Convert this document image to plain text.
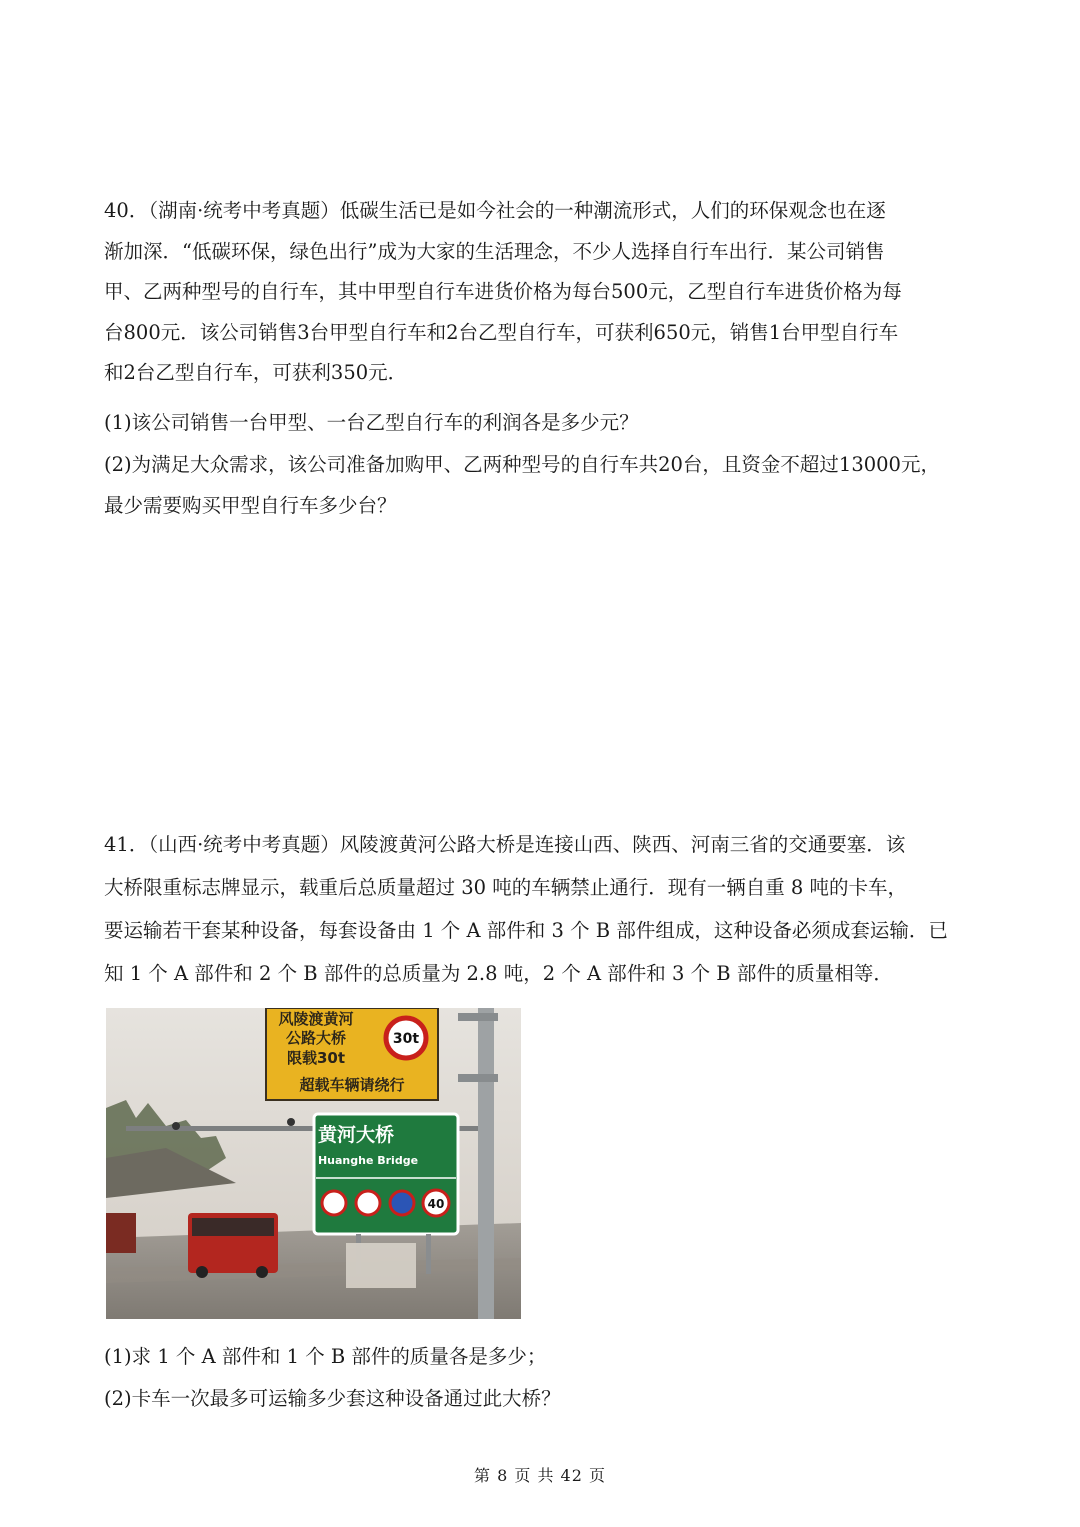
40．（湖南·统考中考真题）低碳生活已是如今社会的一种潮流形式，人们的环保观念也在逐
渐加深．“低碳环保，绿色出行”成为大家的生活理念，不少人选择自行车出行．某公司销售
甲、乙两种型号的自行车，其中甲型自行车进货价格为每台500元，乙型自行车进货价格为每
台800元．该公司销售3台甲型自行车和2台乙型自行车，可获利650元，销售1台甲型自行车
和2台乙型自行车，可获利350元．
(1)该公司销售一台甲型、一台乙型自行车的利润各是多少元？
(2)为满足大众需求，该公司准备加购甲、乙两种型号的自行车共20台，且资金不超过13000元，
最少需要购买甲型自行车多少台？
41．（山西·统考中考真题）风陵渡黄河公路大桥是连接山西、陕西、河南三省的交通要塞．该
大桥限重标志牌显示，载重后总质量超过 30 吨的车辆禁止通行．现有一辆自重 8 吨的卡车，
要运输若干套某种设备，每套设备由 1 个 A 部件和 3 个 B 部件组成，这种设备必须成套运输．已
知 1 个 A 部件和 2 个 B 部件的总质量为 2.8 吨，2 个 A 部件和 3 个 B 部件的质量相等．
风陵渡黄河
公路大桥
限载30t
超载车辆请绕行
30t
黄河大桥
Huanghe Bridge
40
(1)求 1 个 A 部件和 1 个 B 部件的质量各是多少；
(2)卡车一次最多可运输多少套这种设备通过此大桥？
第 8 页 共 42 页
